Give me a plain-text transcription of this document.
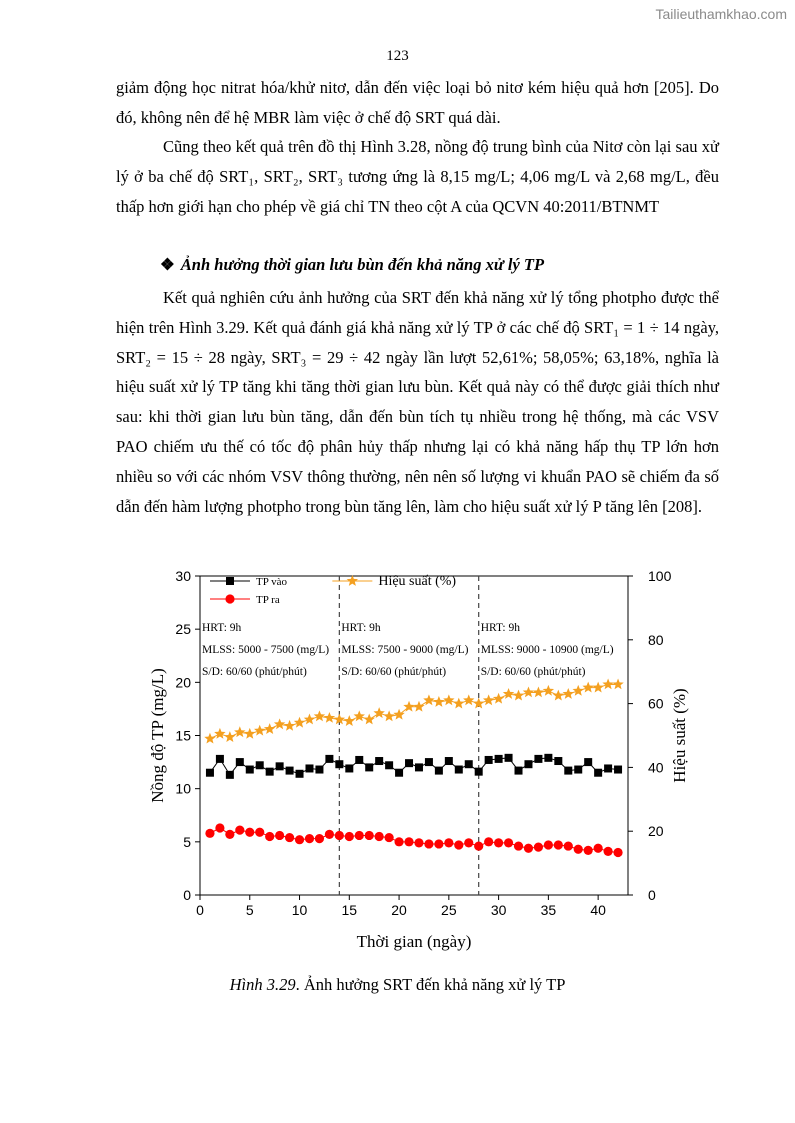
Tailieuthamkhao.com
123

giảm động học nitrat hóa/khử nitơ, dẫn đến việc loại bỏ nitơ kém hiệu quả hơn [205]. Do đó, không nên để hệ MBR làm việc ở chế độ SRT quá dài.

Cũng theo kết quả trên đồ thị Hình 3.28, nồng độ trung bình của Nitơ còn lại sau xử lý ở ba chế độ SRT₁, SRT₂, SRT₃ tương ứng là 8,15 mg/L; 4,06 mg/L và 2,68 mg/L, đều thấp hơn giới hạn cho phép về giá chỉ TN theo cột A của QCVN 40:2011/BTNMT

❖ Ảnh hưởng thời gian lưu bùn đến khả năng xử lý TP

Kết quả nghiên cứu ảnh hưởng của SRT đến khả năng xử lý tổng photpho được thể hiện trên Hình 3.29. Kết quả đánh giá khả năng xử lý TP ở các chế độ SRT₁ = 1 ÷ 14 ngày, SRT₂ = 15 ÷ 28 ngày, SRT₃ = 29 ÷ 42 ngày lần lượt 52,61%; 58,05%; 63,18%, nghĩa là hiệu suất xử lý TP tăng khi tăng thời gian lưu bùn. Kết quả này có thể được giải thích như sau: khi thời gian lưu bùn tăng, dẫn đến bùn tích tụ nhiều trong hệ thống, mà các VSV PAO chiếm ưu thế có tốc độ phân hủy thấp nhưng lại có khả năng hấp thụ TP lớn hơn nhiều so với các nhóm VSV thông thường, nên nên số lượng vi khuẩn PAO sẽ chiếm đa số dẫn đến hàm lượng photpho trong bùn tăng lên, làm cho hiệu suất xử lý P tăng lên [208].

0	5	10 15 20 25 30 35 40
0
5
10
15
20
25
30
0
20
40
60
80
100
Thời gian (ngày)
Nồng độ TP (mg/L)	Hiệu suất (%)
HRT: 9h
MLSS: 5000 - 7500 (mg/L)
S/D: 60/60 (phút/phút)
HRT: 9h
MLSS: 7500 - 9000 (mg/L)
S/D: 60/60 (phút/phút)
HRT: 9h
MLSS: 9000 - 10900 (mg/L)
S/D: 60/60 (phút/phút)
TP vào
TP ra
Hiệu suất (%)
Hình 3.29. Ảnh hưởng SRT đến khả năng xử lý TP
